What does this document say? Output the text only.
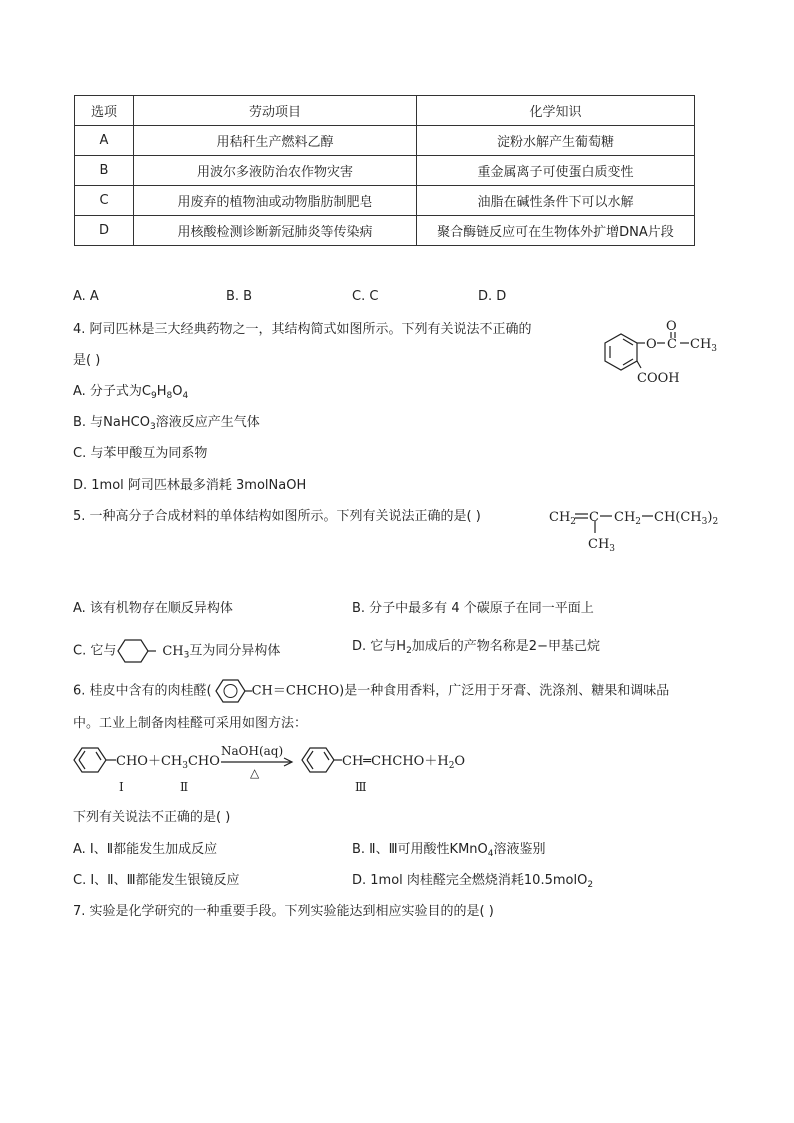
选项	劳动项目	化学知识
A	用秸秆生产燃料乙醇	淀粉水解产生葡萄糖
B	用波尔多液防治农作物灾害	重金属离子可使蛋白质变性
C	用废弃的植物油或动物脂肪制肥皂	油脂在碱性条件下可以水解
D	用核酸检测诊断新冠肺炎等传染病	聚合酶链反应可在生物体外扩增DNA片段
A. A	B. B	C. C	D. D
4. 阿司匹林是三大经典药物之一，其结构简式如图所示。下列有关说法不正确的
是( )
O
O C $CH_3$
COOH
A. 分子式为$C_9H_8O_4$
B. 与NaHCO$_3$溶液反应产生气体
C. 与苯甲酸互为同系物
D. 1mol 阿司匹林最多消耗 3molNaOH
5. 一种高分子合成材料的单体结构如图所示。下列有关说法正确的是( )	$CH_2$ C $CH_2$ $CH(CH_3)_2$
$CH_3$
A. 该有机物存在顺反异构体	B. 分子中最多有 4 个碳原子在同一平面上
C. 它与	$CH_3$互为同分异构体	D. 它与$H_2$加成后的产物名称是2−甲基己烷
6. 桂皮中含有的肉桂醛(	CH＝CHCHO)是一种食用香料，广泛用于牙膏、洗涤剂、糖果和调味品
中。工业上制备肉桂醛可采用如图方法：
$CHO+CH_3CHO$
NaOH(aq)
△
$CH═CHCHO+H_2O$
Ⅰ	Ⅱ	Ⅲ
下列有关说法不正确的是( )
A. Ⅰ、Ⅱ都能发生加成反应	B. Ⅱ、Ⅲ可用酸性KMnO$_4$溶液鉴别
C. Ⅰ、Ⅱ、Ⅲ都能发生银镜反应	D. 1mol 肉桂醛完全燃烧消耗10.5molO$_2$
7. 实验是化学研究的一种重要手段。下列实验能达到相应实验目的的是( )
